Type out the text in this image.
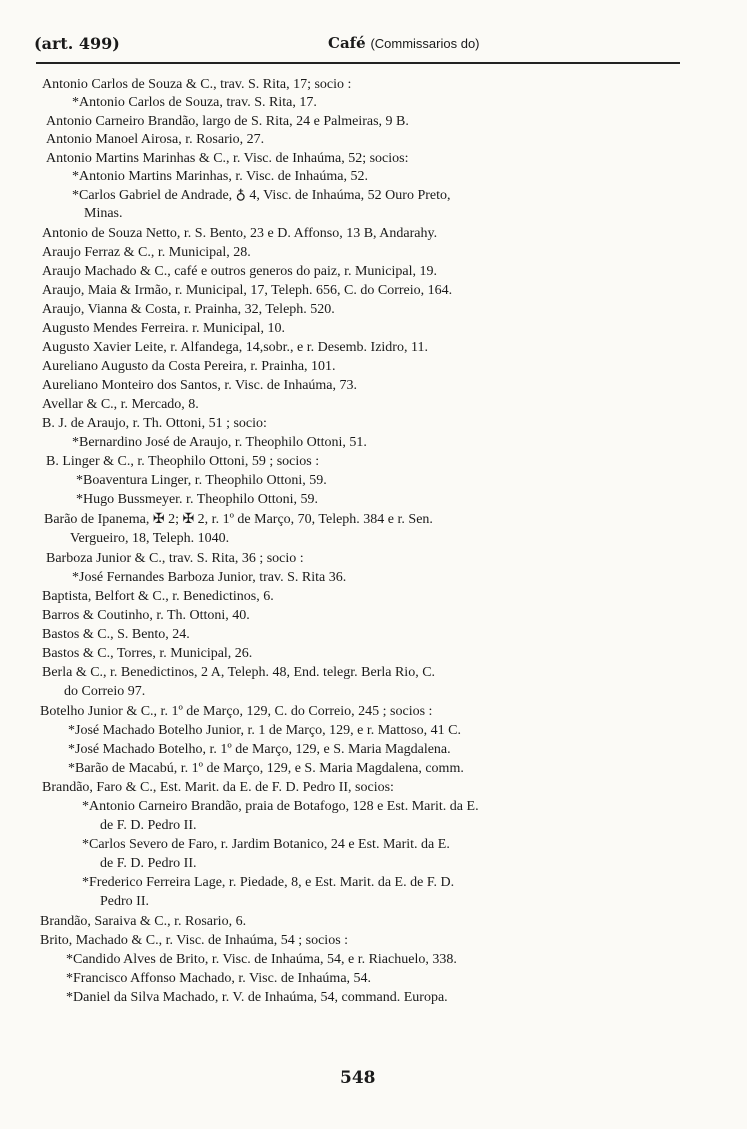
(art. 499)	Café (Commissarios do)
Antonio Carlos de Souza & C., trav. S. Rita, 17; socio :
*Antonio Carlos de Souza, trav. S. Rita, 17.
Antonio Carneiro Brandão, largo de S. Rita, 24 e Palmeiras, 9 B.
Antonio Manoel Airosa, r. Rosario, 27.
Antonio Martins Marinhas & C., r. Visc. de Inhaúma, 52; socios:
*Antonio Martins Marinhas, r. Visc. de Inhaúma, 52.
*Carlos Gabriel de Andrade, ♁ 4, Visc. de Inhaúma, 52 Ouro Preto,
Minas.
Antonio de Souza Netto, r. S. Bento, 23 e D. Affonso, 13 B, Andarahy.
Araujo Ferraz & C., r. Municipal, 28.
Araujo Machado & C., café e outros generos do paiz, r. Municipal, 19.
Araujo, Maia & Irmão, r. Municipal, 17, Teleph. 656, C. do Correio, 164.
Araujo, Vianna & Costa, r. Prainha, 32, Teleph. 520.
Augusto Mendes Ferreira. r. Municipal, 10.
Augusto Xavier Leite, r. Alfandega, 14,sobr., e r. Desemb. Izidro, 11.
Aureliano Augusto da Costa Pereira, r. Prainha, 101.
Aureliano Monteiro dos Santos, r. Visc. de Inhaúma, 73.
Avellar & C., r. Mercado, 8.
B. J. de Araujo, r. Th. Ottoni, 51 ; socio:
*Bernardino José de Araujo, r. Theophilo Ottoni, 51.
B. Linger & C., r. Theophilo Ottoni, 59 ; socios :
*Boaventura Linger, r. Theophilo Ottoni, 59.
*Hugo Bussmeyer. r. Theophilo Ottoni, 59.
Barão de Ipanema, ✠ 2; ✠ 2, r. 1º de Março, 70, Teleph. 384 e r. Sen.
Vergueiro, 18, Teleph. 1040.
Barboza Junior & C., trav. S. Rita, 36 ; socio :
*José Fernandes Barboza Junior, trav. S. Rita 36.
Baptista, Belfort & C., r. Benedictinos, 6.
Barros & Coutinho, r. Th. Ottoni, 40.
Bastos & C., S. Bento, 24.
Bastos & C., Torres, r. Municipal, 26.
Berla & C., r. Benedictinos, 2 A, Teleph. 48, End. telegr. Berla Rio, C.
do Correio 97.
Botelho Junior & C., r. 1º de Março, 129, C. do Correio, 245 ; socios :
*José Machado Botelho Junior, r. 1 de Março, 129, e r. Mattoso, 41 C.
*José Machado Botelho, r. 1º de Março, 129, e S. Maria Magdalena.
*Barão de Macabú, r. 1º de Março, 129, e S. Maria Magdalena, comm.
Brandão, Faro & C., Est. Marit. da E. de F. D. Pedro II, socios:
*Antonio Carneiro Brandão, praia de Botafogo, 128 e Est. Marit. da E.
de F. D. Pedro II.
*Carlos Severo de Faro, r. Jardim Botanico, 24 e Est. Marit. da E.
de F. D. Pedro II.
*Frederico Ferreira Lage, r. Piedade, 8, e Est. Marit. da E. de F. D.
Pedro II.
Brandão, Saraiva & C., r. Rosario, 6.
Brito, Machado & C., r. Visc. de Inhaúma, 54 ; socios :
*Candido Alves de Brito, r. Visc. de Inhaúma, 54, e r. Riachuelo, 338.
*Francisco Affonso Machado, r. Visc. de Inhaúma, 54.
*Daniel da Silva Machado, r. V. de Inhaúma, 54, command. Europa.
548
